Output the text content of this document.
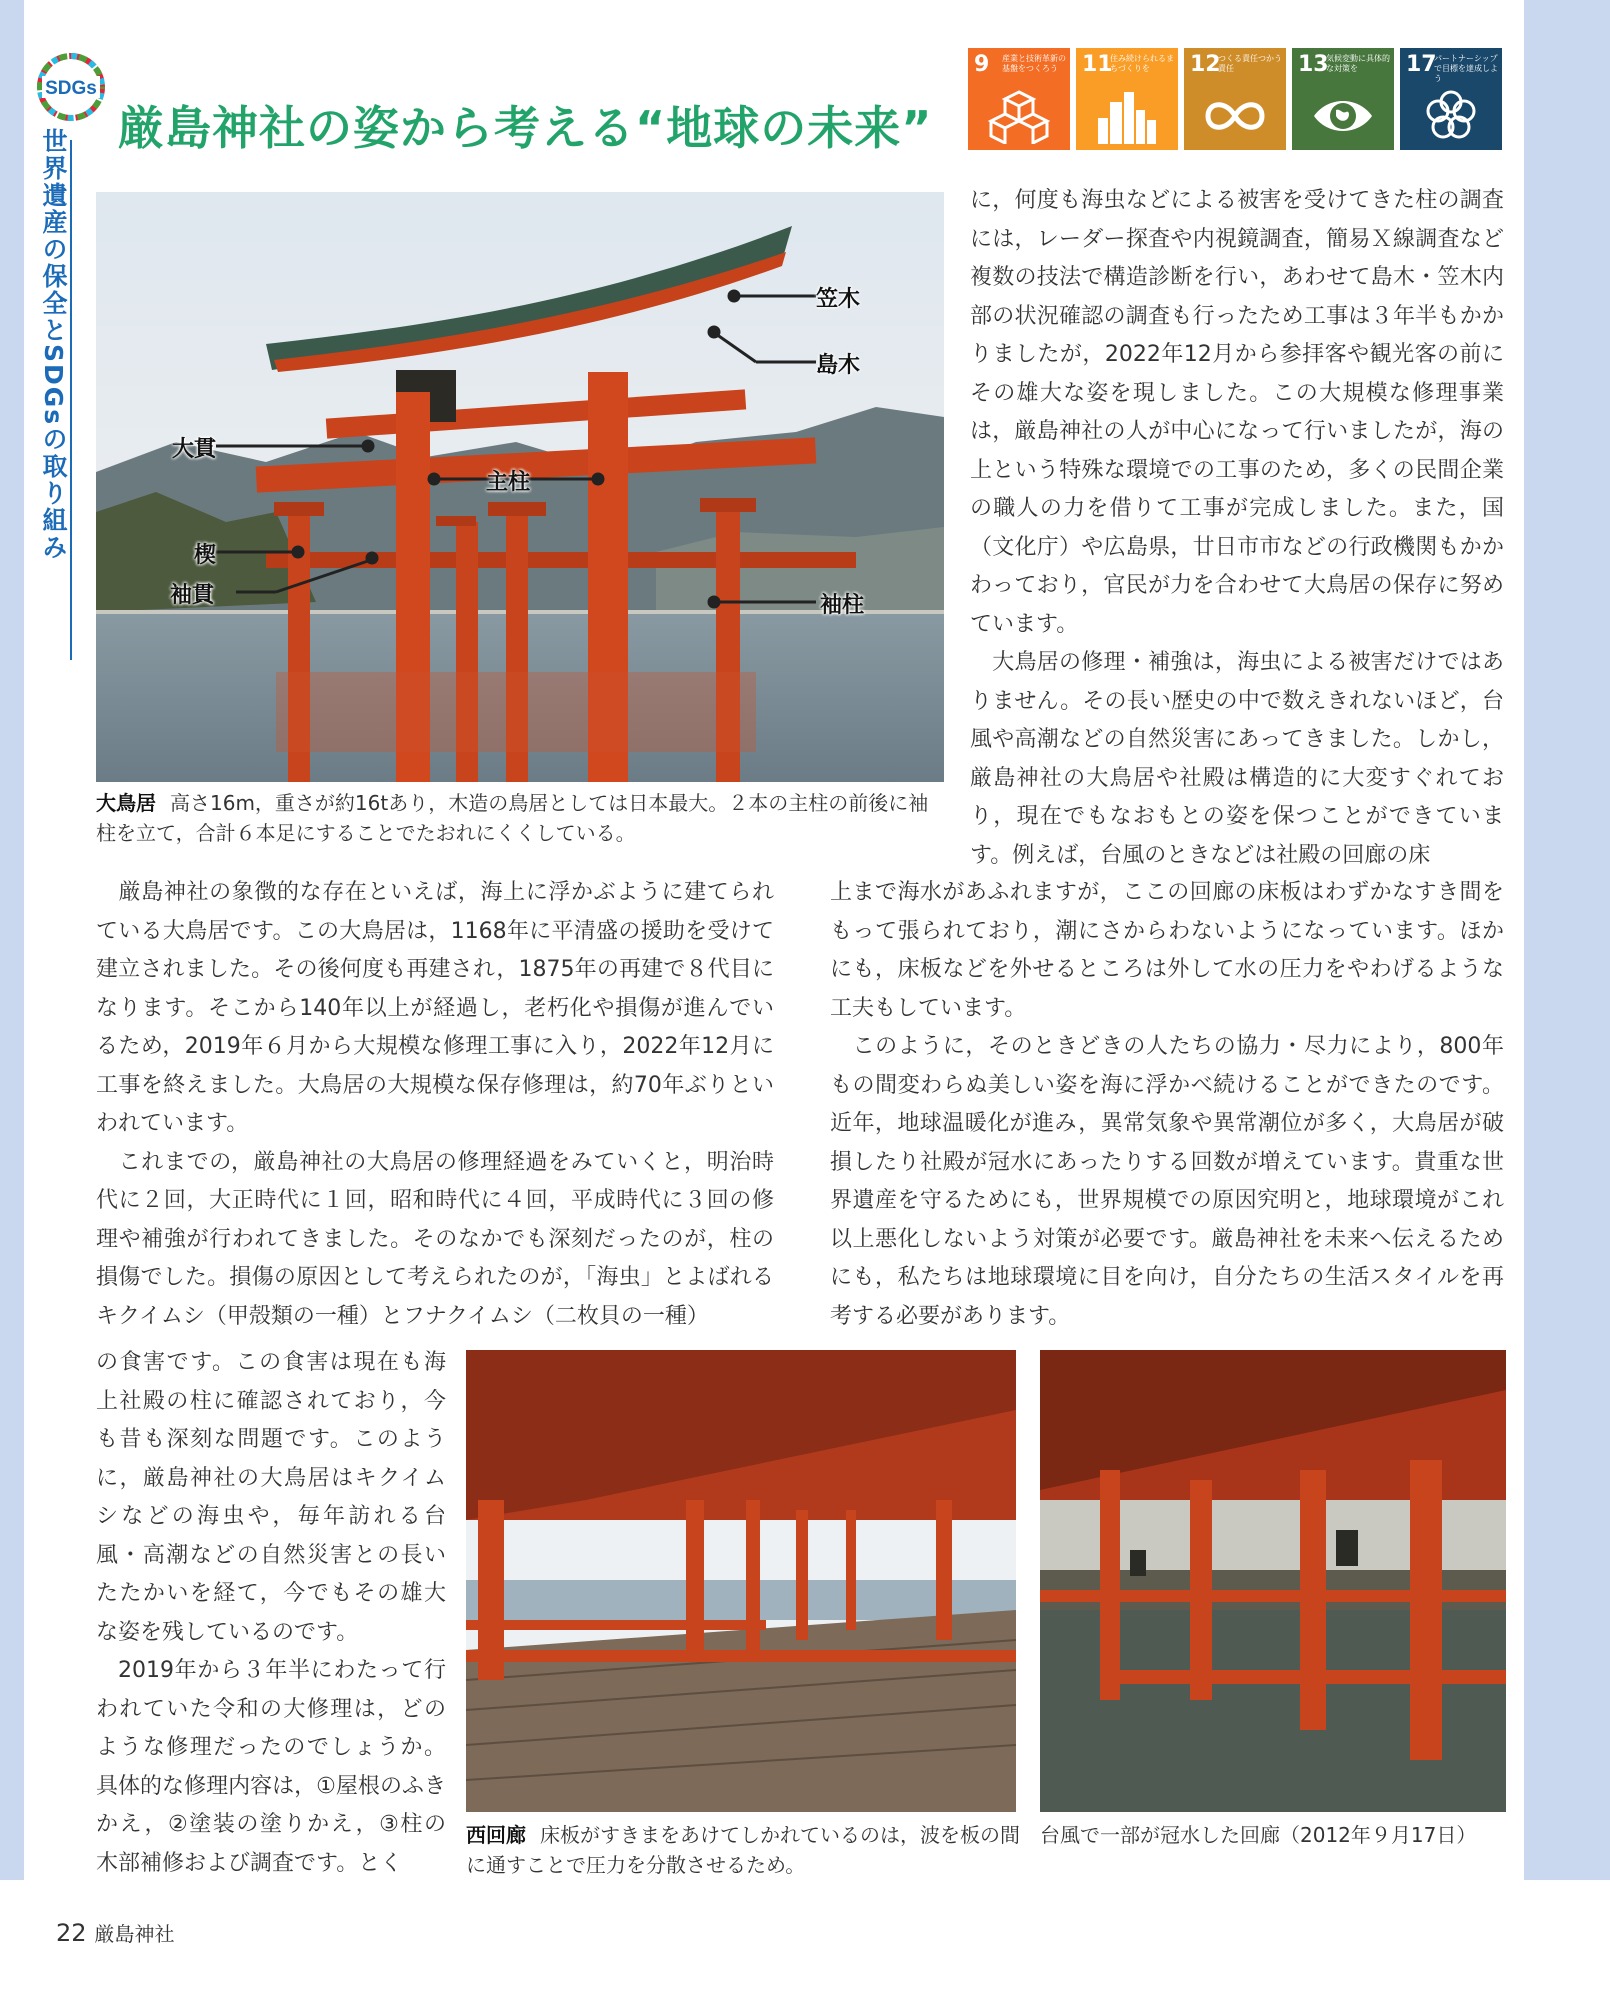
SDGs
世界遺産の保全とSDGsの取り組み 厳島神社の姿から考える“地球の未来”
9 産業と技術革新の基盤をつくろう	11
住み続けられるまちづくりを	12
つくる責任つかう責任	13
気候変動に具体的な対策を	17
パートナーシップで目標を達成しよう
笠木
島木
大貫
主柱
楔
袖貫	袖柱
大鳥居 高さ16m，重さが約16tあり，木造の鳥居としては日本最大。２本の主柱の前後に袖柱を立て，合計６本足にすることでたおれにくくしている。
に，何度も海虫などによる被害を受けてきた柱の調査には，レーダー探査や内視鏡調査，簡易Ｘ線調査など複数の技法で構造診断を行い，あわせて島木・笠木内部の状況確認の調査も行ったため工事は３年半もかかりましたが，2022年12月から参拝客や観光客の前にその雄大な姿を現しました。この大規模な修理事業は，厳島神社の人が中心になって行いましたが，海の上という特殊な環境での工事のため，多くの民間企業の職人の力を借りて工事が完成しました。また，国（文化庁）や広島県，廿日市市などの行政機関もかかわっており，官民が力を合わせて大鳥居の保存に努めています。
大鳥居の修理・補強は，海虫による被害だけではありません。その長い歴史の中で数えきれないほど，台風や高潮などの自然災害にあってきました。しかし，厳島神社の大鳥居や社殿は構造的に大変すぐれており，現在でもなおもとの姿を保つことができています。例えば，台風のときなどは社殿の回廊の床
上まで海水があふれますが，ここの回廊の床板はわずかなすき間をもって張られており，潮にさからわないようになっています。ほかにも，床板などを外せるところは外して水の圧力をやわげるような工夫もしています。
このように，そのときどきの人たちの協力・尽力により，800年もの間変わらぬ美しい姿を海に浮かべ続けることができたのです。近年，地球温暖化が進み，異常気象や異常潮位が多く，大鳥居が破損したり社殿が冠水にあったりする回数が増えています。貴重な世界遺産を守るためにも，世界規模での原因究明と，地球環境がこれ以上悪化しないよう対策が必要です。厳島神社を未来へ伝えるためにも，私たちは地球環境に目を向け，自分たちの生活スタイルを再考する必要があります。
厳島神社の象徴的な存在といえば，海上に浮かぶように建てられている大鳥居です。この大鳥居は，1168年に平清盛の援助を受けて建立されました。その後何度も再建され，1875年の再建で８代目になります。そこから140年以上が経過し，老朽化や損傷が進んでいるため，2019年６月から大規模な修理工事に入り，2022年12月に工事を終えました。大鳥居の大規模な保存修理は，約70年ぶりといわれています。
これまでの，厳島神社の大鳥居の修理経過をみていくと，明治時代に２回，大正時代に１回，昭和時代に４回，平成時代に３回の修理や補強が行われてきました。そのなかでも深刻だったのが，柱の損傷でした。損傷の原因として考えられたのが，「海虫」とよばれるキクイムシ（甲殻類の一種）とフナクイムシ（二枚貝の一種）
の食害です。この食害は現在も海上社殿の柱に確認されており，今も昔も深刻な問題です。このように，厳島神社の大鳥居はキクイムシなどの海虫や，毎年訪れる台風・高潮などの自然災害との長いたたかいを経て，今でもその雄大な姿を残しているのです。
2019年から３年半にわたって行われていた令和の大修理は，どのような修理だったのでしょうか。具体的な修理内容は，①屋根のふきかえ，②塗装の塗りかえ，③柱の木部補修および調査です。とく
西回廊 床板がすきまをあけてしかれているのは，波を板の間に通すことで圧力を分散させるため。
台風で一部が冠水した回廊（2012年９月17日）
22 厳島神社
